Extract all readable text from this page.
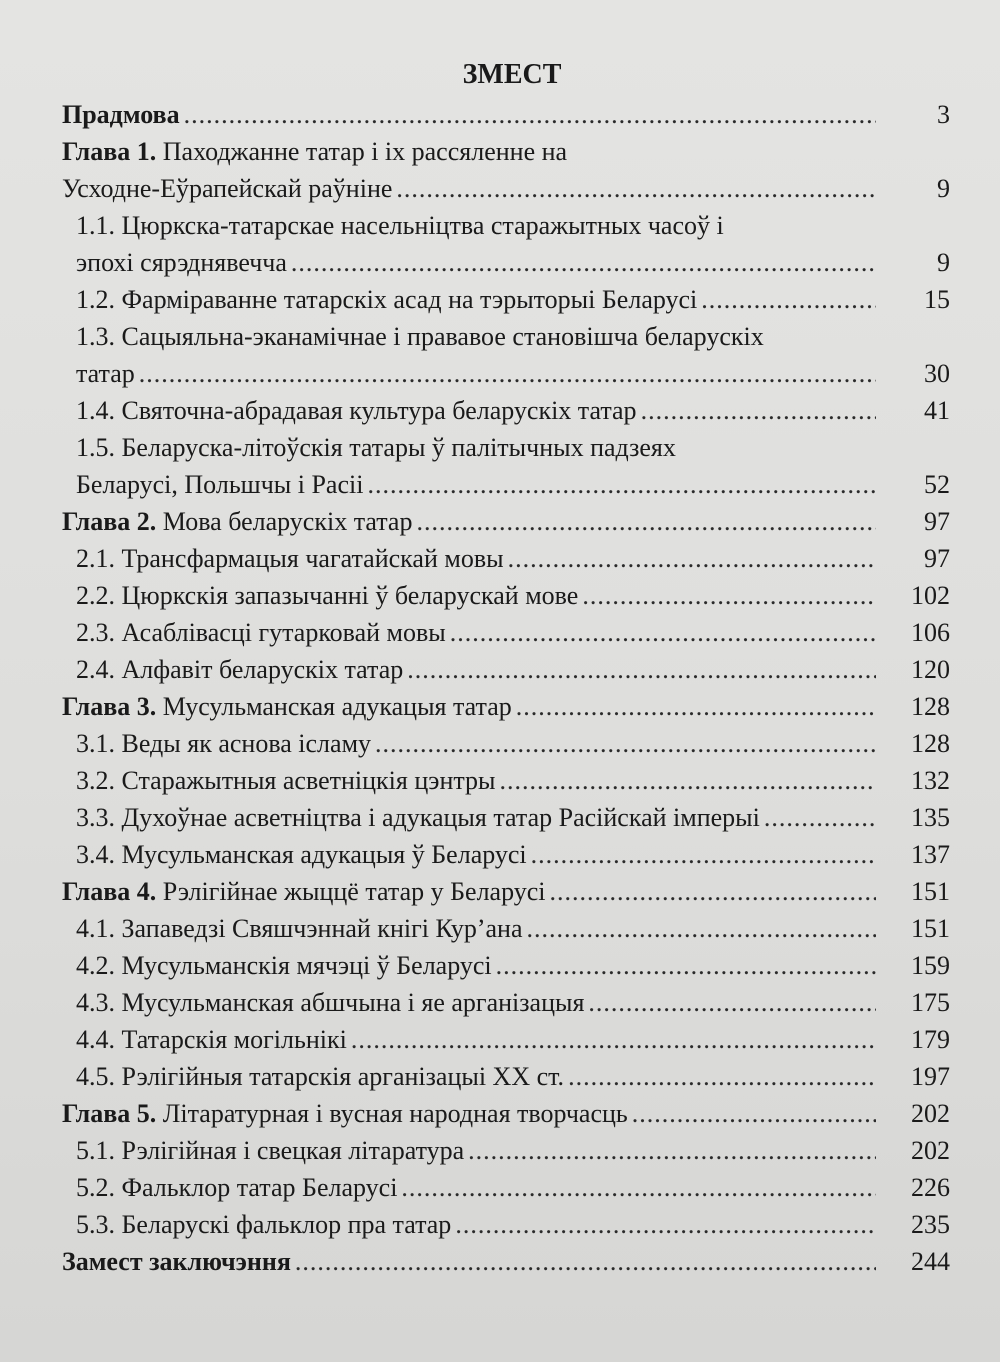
ЗМЕСТ
Прадмова .....	3
Глава 1. Паходжанне татар і іх рассяленне на
Усходне-Еўрапейскай раўніне .....	9
1.1. Цюркска-татарскае насельніцтва старажытных часоў і
эпохі сярэднявечча .....	9
1.2. Фарміраванне татарскіх асад на тэрыторыі Беларусі .....	15
1.3. Сацыяльна-эканамічнае і прававое становішча беларускіх
татар .....	30
1.4. Святочна-абрадавая культура беларускіх татар .....	41
1.5. Беларуска-літоўскія татары ў палітычных падзеях
Беларусі, Польшчы і Расіі .....	52
Глава 2. Мова беларускіх татар .....	97
2.1. Трансфармацыя чагатайскай мовы .....	97
2.2. Цюркскія запазычанні ў беларускай мове .....	102
2.3. Асаблівасці гутарковай мовы .....	106
2.4. Алфавіт беларускіх татар .....	120
Глава 3. Мусульманская адукацыя татар .....	128
3.1. Веды як аснова ісламу .....	128
3.2. Старажытныя асветніцкія цэнтры .....	132
3.3. Духоўнае асветніцтва і адукацыя татар Расійскай імперыі .....	135
3.4. Мусульманская адукацыя ў Беларусі .....	137
Глава 4. Рэлігійнае жыццё татар у Беларусі .....	151
4.1. Запаведзі Свяшчэннай кнігі Кур’ана .....	151
4.2. Мусульманскія мячэці ў Беларусі .....	159
4.3. Мусульманская абшчына і яе арганізацыя .....	175
4.4. Татарскія могільнікі .....	179
4.5. Рэлігійныя татарскія арганізацыі XX ст. .....	197
Глава 5. Літаратурная і вусная народная творчасць .....	202
5.1. Рэлігійная і свецкая літаратура .....	202
5.2. Фальклор татар Беларусі .....	226
5.3. Беларускі фальклор пра татар .....	235
Замест заключэння .....	244
